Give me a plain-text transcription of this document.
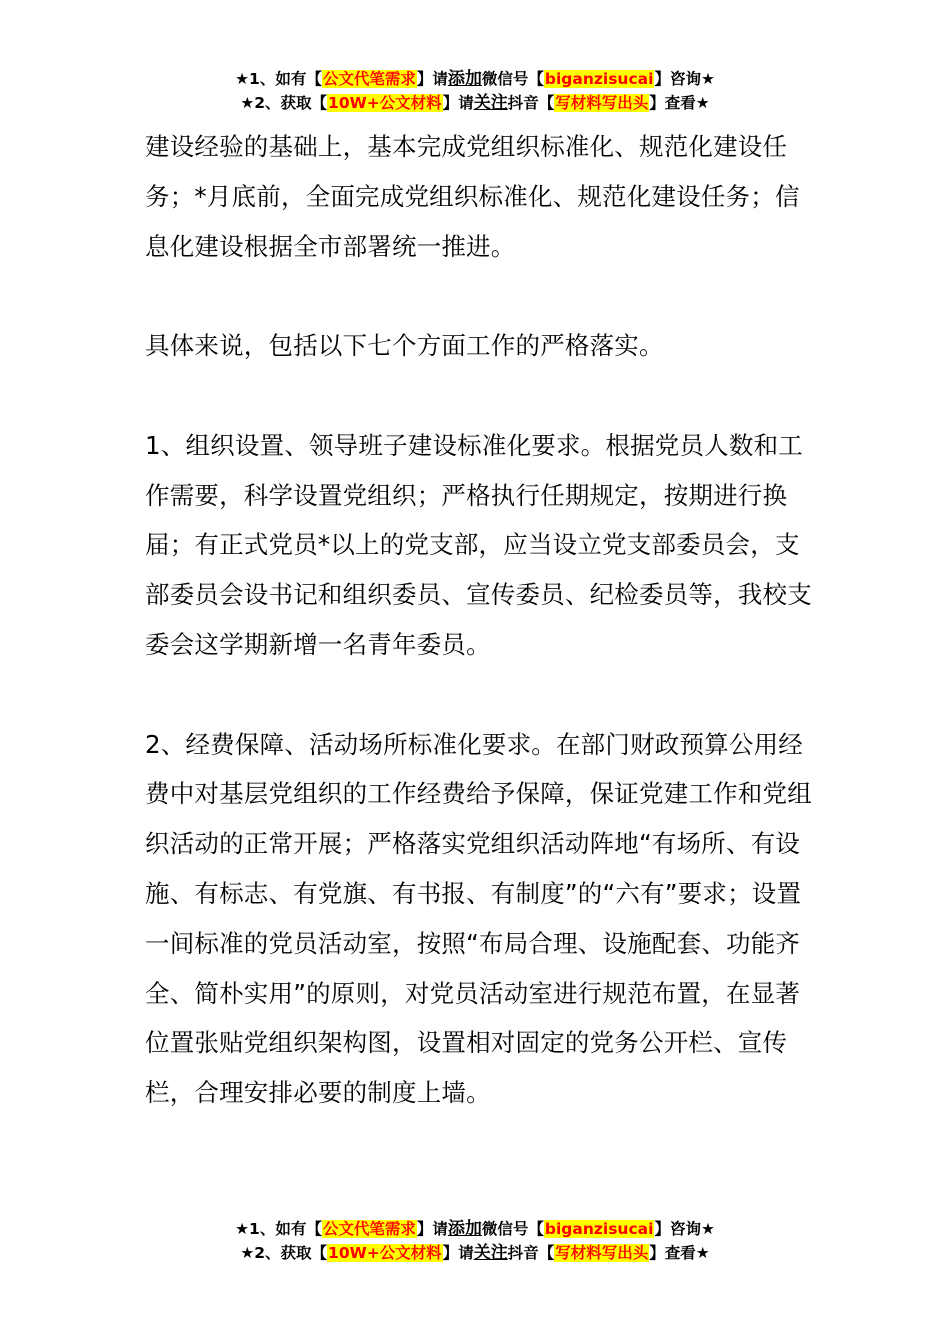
★1、如有【公文代笔需求】请添加微信号【biganzisucai】咨询★
★2、获取【10W+公文材料】请关注抖音【写材料写出头】查看★

建设经验的基础上，基本完成党组织标准化、规范化建设任务；*月底前，全面完成党组织标准化、规范化建设任务；信息化建设根据全市部署统一推进。

具体来说，包括以下七个方面工作的严格落实。

1、组织设置、领导班子建设标准化要求。根据党员人数和工作需要，科学设置党组织；严格执行任期规定，按期进行换届；有正式党员*以上的党支部，应当设立党支部委员会，支部委员会设书记和组织委员、宣传委员、纪检委员等，我校支委会这学期新增一名青年委员。

2、经费保障、活动场所标准化要求。在部门财政预算公用经费中对基层党组织的工作经费给予保障，保证党建工作和党组织活动的正常开展；严格落实党组织活动阵地“有场所、有设施、有标志、有党旗、有书报、有制度”的“六有”要求；设置一间标准的党员活动室，按照“布局合理、设施配套、功能齐全、简朴实用”的原则，对党员活动室进行规范布置，在显著位置张贴党组织架构图，设置相对固定的党务公开栏、宣传栏，合理安排必要的制度上墙。

★1、如有【公文代笔需求】请添加微信号【biganzisucai】咨询★
★2、获取【10W+公文材料】请关注抖音【写材料写出头】查看★
